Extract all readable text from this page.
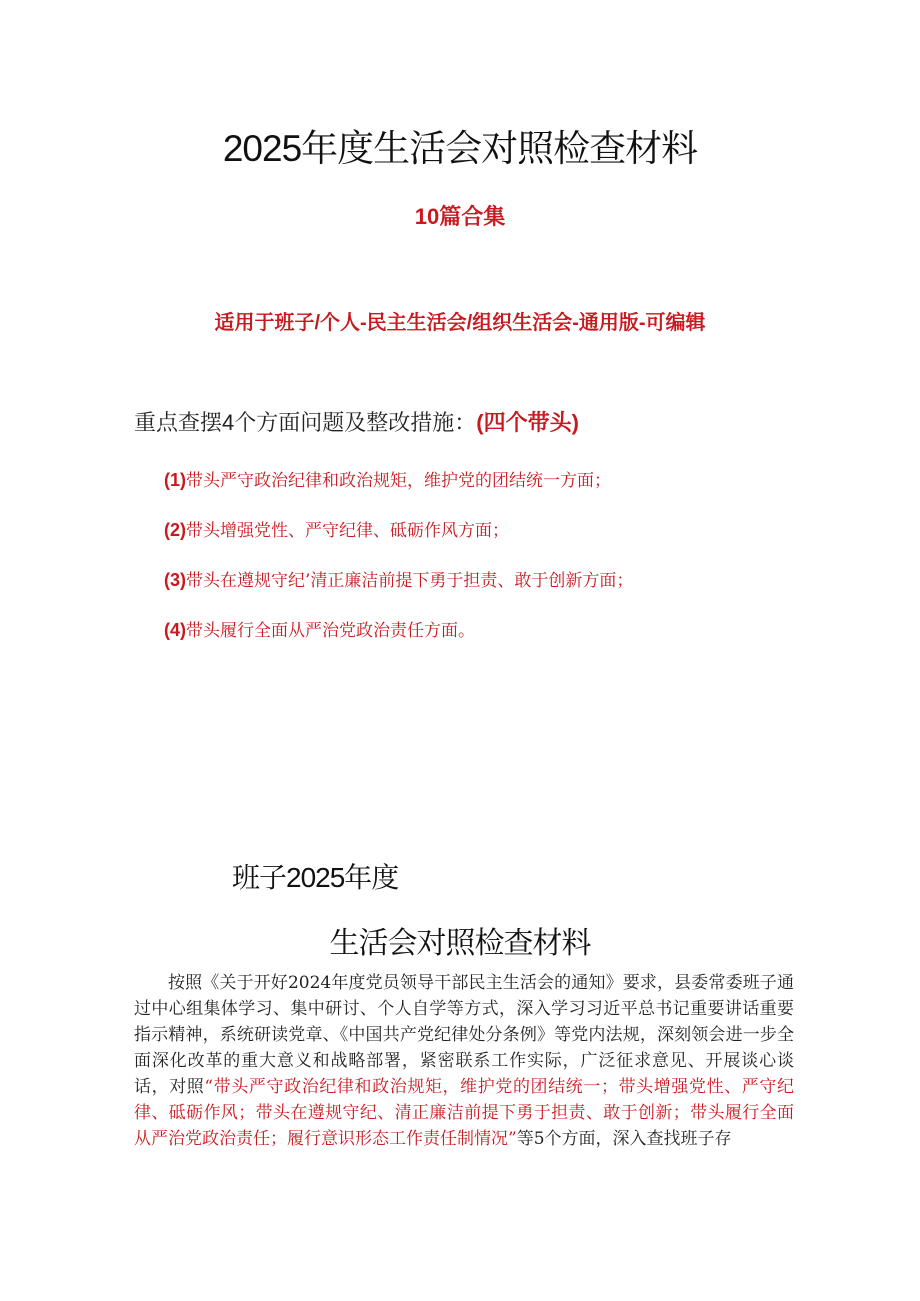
2025年度生活会对照检查材料
10篇合集
适用于班子/个人-民主生活会/组织生活会-通用版-可编辑
重点查摆4个方面问题及整改措施：(四个带头)
(1)带头严守政治纪律和政治规矩，维护党的团结统一方面；
(2)带头增强党性、严守纪律、砥砺作风方面；
(3)带头在遵规守纪’清正廉洁前提下勇于担责、敢于创新方面；
(4)带头履行全面从严治党政治责任方面。
班子2025年度
生活会对照检查材料
按照《关于开好2024年度党员领导干部民主生活会的通知》要求，县委常委班子通过中心组集体学习、集中研讨、个人自学等方式，深入学习习近平总书记重要讲话重要指示精神，系统研读党章、《中国共产党纪律处分条例》等党内法规，深刻领会进一步全面深化改革的重大意义和战略部署，紧密联系工作实际，广泛征求意见、开展谈心谈话，对照“带头严守政治纪律和政治规矩，维护党的团结统一；带头增强党性、严守纪律、砥砺作风；带头在遵规守纪、清正廉洁前提下勇于担责、敢于创新；带头履行全面从严治党政治责任；履行意识形态工作责任制情况”等5个方面，深入查找班子存
